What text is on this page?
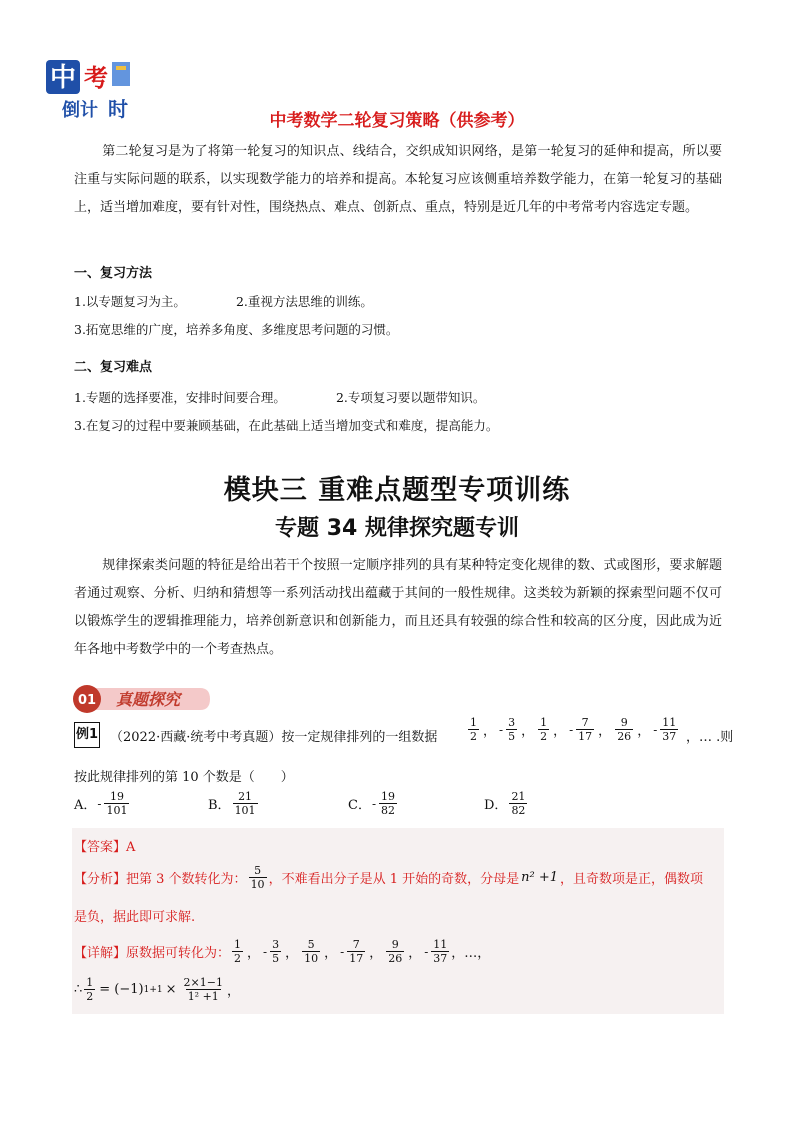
中 考
倒计 时	中考数学二轮复习策略（供参考）
第二轮复习是为了将第一轮复习的知识点、线结合，交织成知识网络，是第一轮复习的延伸和提高，所以要注重与实际问题的联系，以实现数学能力的培养和提高。本轮复习应该侧重培养数学能力，在第一轮复习的基础上，适当增加难度，要有针对性，围绕热点、难点、创新点、重点，特别是近几年的中考常考内容选定专题。
一、复习方法
1.以专题复习为主。	2.重视方法思维的训练。
3.拓宽思维的广度，培养多角度、多维度思考问题的习惯。
二、复习难点
1.专题的选择要准，安排时间要合理。	2.专项复习要以题带知识。
3.在复习的过程中要兼顾基础，在此基础上适当增加变式和难度，提高能力。
模块三 重难点题型专项训练
专题 34 规律探究题专训
规律探索类问题的特征是给出若干个按照一定顺序排列的具有某种特定变化规律的数、式或图形，要求解题者通过观察、分析、归纳和猜想等一系列活动找出蕴藏于其间的一般性规律。这类较为新颖的探索型问题不仅可以锻炼学生的逻辑推理能力，培养创新意识和创新能力，而且还具有较强的综合性和较高的区分度，因此成为近年各地中考数学中的一个考查热点。
01 真题探究
例1 （2022·西藏·统考中考真题）按一定规律排列的一组数据	$\frac{1}{2}$ ， - $\frac{3}{5}$ ， $\frac{1}{2}$ ， - $\frac{7}{17}$ ， $\frac{9}{26}$ ， - $\frac{11}{37}$ ，… .则
按此规律排列的第 10 个数是（　　）
A． - $\frac{19}{101}$	B． $\frac{21}{101}$	C． - $\frac{19}{82}$	D． $\frac{21}{82}$
【答案】A
【分析】 把第 3 个数转化为： $\frac{5}{10}$ ，不难看出分子是从 1 开始的奇数，分母是 n² +1 ，且奇数项是正，偶数项
是负，据此即可求解.
【详解】 原数据可转化为： $\frac{1}{2}$ ， - $\frac{3}{5}$ ， $\frac{5}{10}$ ， - $\frac{7}{17}$ ， $\frac{9}{26}$ ， - $\frac{11}{37}$ ，…，
∴ $\frac{1}{2} = (-1) 1+1 \times \frac{2\times 1-1}{\text{1² +1}}$ ，
